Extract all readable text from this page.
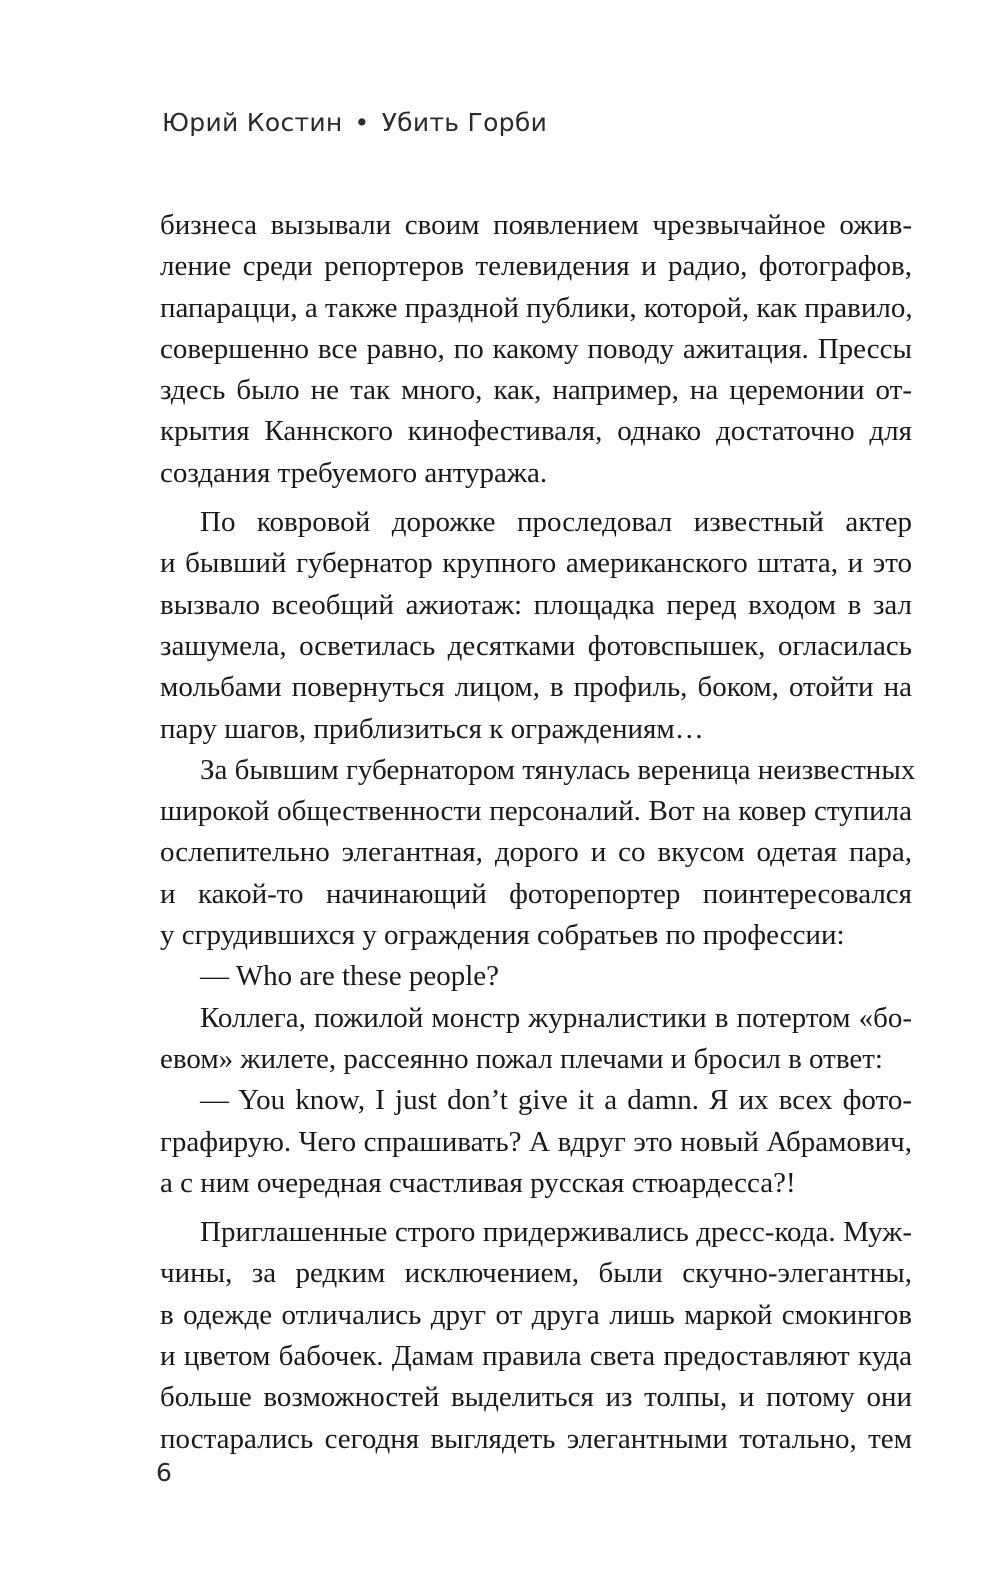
Юрий Костин • Убить Горби
бизнеса вызывали своим появлением чрезвычайное ожив-
ление среди репортеров телевидения и радио, фотографов,
папарацци, а также праздной публики, которой, как правило,
совершенно все равно, по какому поводу ажитация. Прессы
здесь было не так много, как, например, на церемонии от-
крытия Каннского кинофестиваля, однако достаточно для
создания требуемого антуража.
По ковровой дорожке проследовал известный актер
и бывший губернатор крупного американского штата, и это
вызвало всеобщий ажиотаж: площадка перед входом в зал
зашумела, осветилась десятками фотовспышек, огласилась
мольбами повернуться лицом, в профиль, боком, отойти на
пару шагов, приблизиться к ограждениям…
За бывшим губернатором тянулась вереница неизвестных
широкой общественности персоналий. Вот на ковер ступила
ослепительно элегантная, дорого и со вкусом одетая пара,
и какой-то начинающий фоторепортер поинтересовался
у сгрудившихся у ограждения собратьев по профессии:
— Who are these people?
Коллега, пожилой монстр журналистики в потертом «бо-
евом» жилете, рассеянно пожал плечами и бросил в ответ:
— You know, I just don’t give it a damn. Я их всех фото-
графирую. Чего спрашивать? А вдруг это новый Абрамович,
а с ним очередная счастливая русская стюардесса?!
Приглашенные строго придерживались дресс-кода. Муж-
чины, за редким исключением, были скучно-элегантны,
в одежде отличались друг от друга лишь маркой смокингов
и цветом бабочек. Дамам правила света предоставляют куда
больше возможностей выделиться из толпы, и потому они
постарались сегодня выглядеть элегантными тотально, тем
6
